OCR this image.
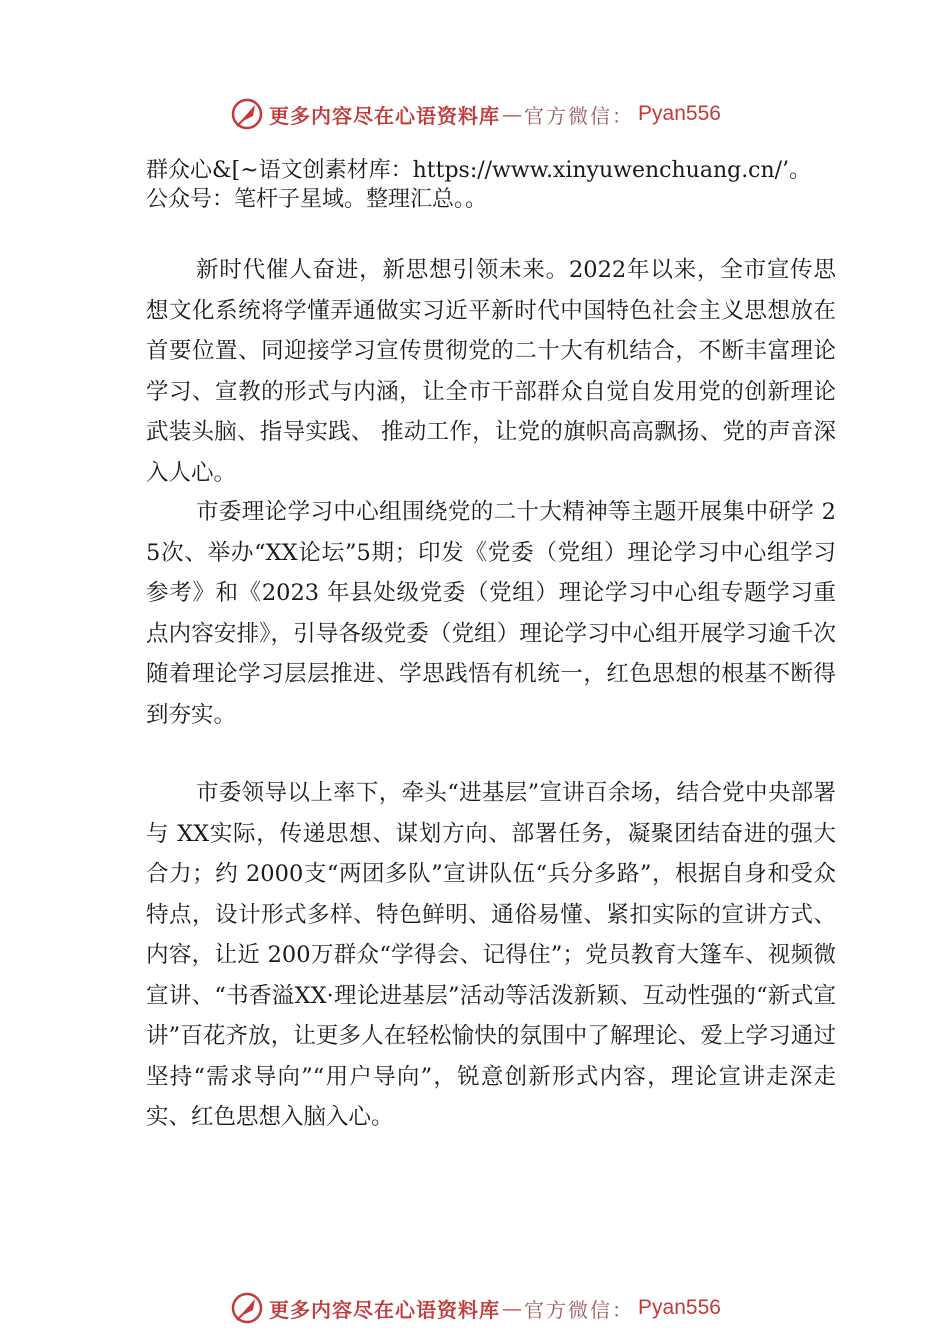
更多内容尽在心语资料库 — 官方微信： Pyan556
群众心&[~语文创素材库：https://www.xinyuwenchuang.cn/’。公众号：笔杆子星域。整理汇总。。

新时代催人奋进，新思想引领未来。2022年以来，全市宣传思想文化系统将学懂弄通做实习近平新时代中国特色社会主义思想放在首要位置、同迎接学习宣传贯彻党的二十大有机结合，不断丰富理论学习、宣教的形式与内涵，让全市干部群众自觉自发用党的创新理论武装头脑、指导实践、 推动工作，让党的旗帜高高飘扬、党的声音深入人心。

市委理论学习中心组围绕党的二十大精神等主题开展集中研学 25次、举办“XX论坛”5期；印发《党委（党组）理论学习中心组学习参考》和《2023 年县处级党委（党组）理论学习中心组专题学习重点内容安排》，引导各级党委（党组）理论学习中心组开展学习逾千次随着理论学习层层推进、学思践悟有机统一，红色思想的根基不断得到夯实。

市委领导以上率下，牵头“进基层”宣讲百余场，结合党中央部署与 XX实际，传递思想、谋划方向、部署任务，凝聚团结奋进的强大合力；约 2000支“两团多队”宣讲队伍“兵分多路”，根据自身和受众特点，设计形式多样、特色鲜明、通俗易懂、紧扣实际的宣讲方式、内容，让近 200万群众“学得会、记得住”；党员教育大篷车、视频微宣讲、“书香溢XX·理论进基层”活动等活泼新颖、互动性强的“新式宣讲”百花齐放，让更多人在轻松愉快的氛围中了解理论、爱上学习通过坚持“需求导向”“用户导向”，锐意创新形式内容，理论宣讲走深走实、红色思想入脑入心。

更多内容尽在心语资料库 — 官方微信： Pyan556
